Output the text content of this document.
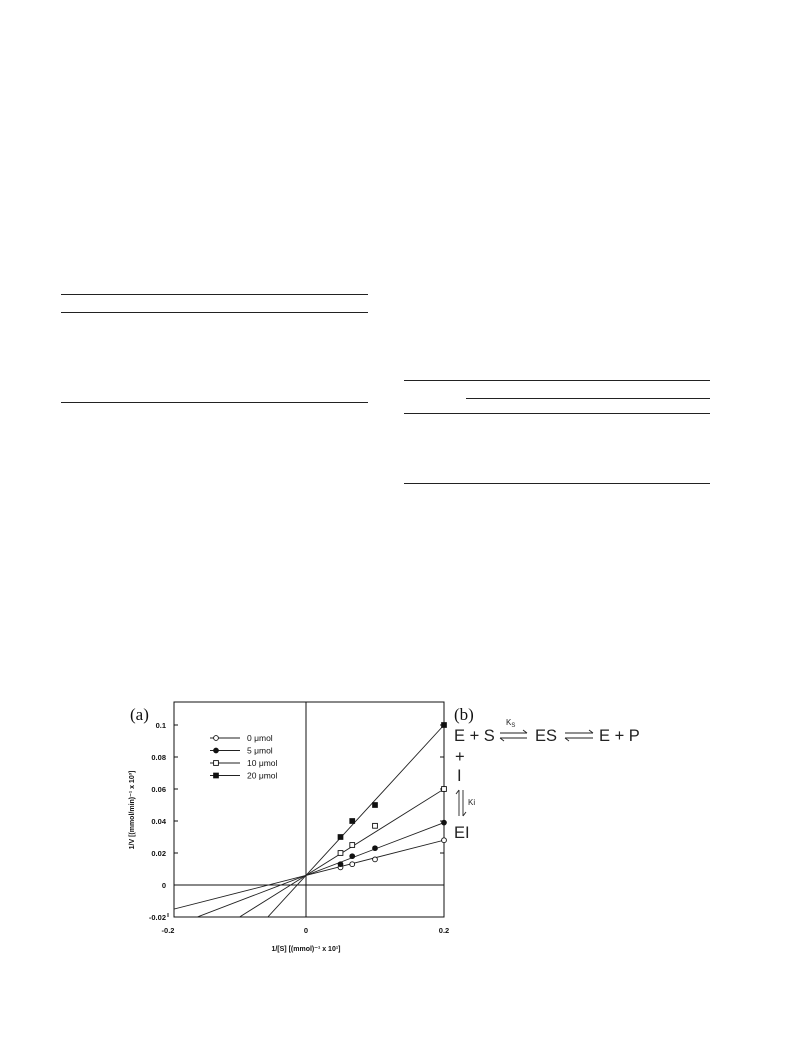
(a)	(b)
-0.02
0
0.02
0.04
0.06
0.08
0.1
-0.2	0	0.2
0 μmol
5 μmol
10 μmol
20 μmol
1/[S] [(mmol)⁻¹ x 10¹]
1/V [(mmol/min)⁻¹ x 10³]
E + S
$K_S$
ES	E + P
+
I
Ki
EI
